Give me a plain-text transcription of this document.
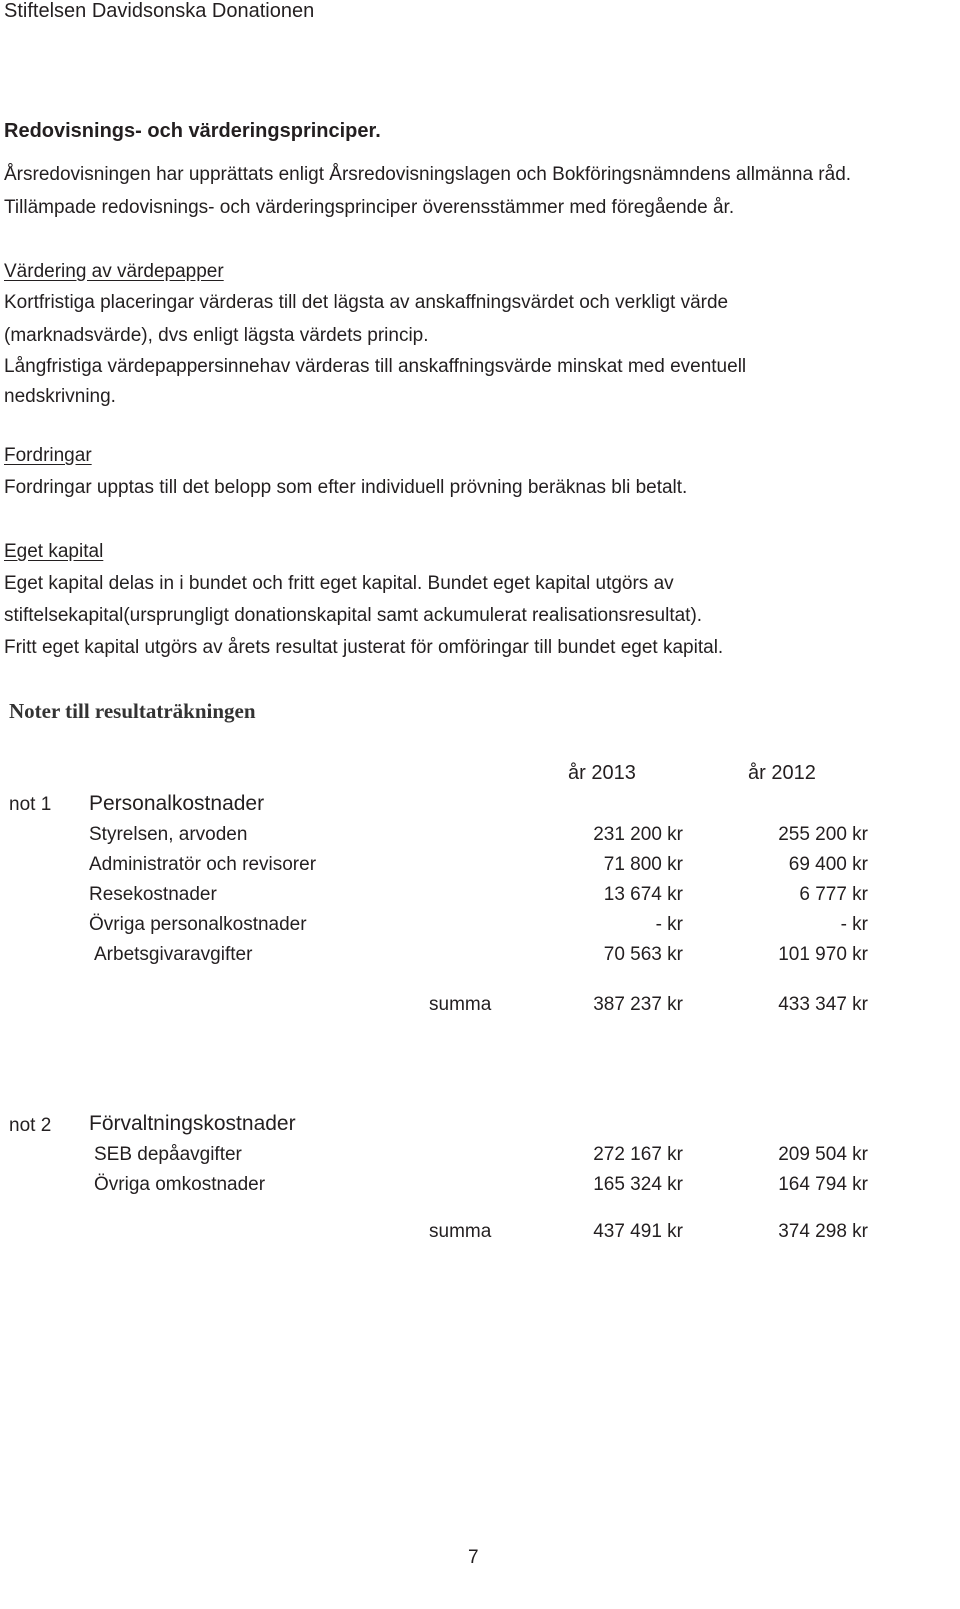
Stiftelsen Davidsonska Donationen
Redovisnings- och värderingsprinciper.
Årsredovisningen har upprättats enligt Årsredovisningslagen och Bokföringsnämndens allmänna råd.
Tillämpade redovisnings- och värderingsprinciper överensstämmer med föregående år.
Värdering av värdepapper
Kortfristiga placeringar värderas till det lägsta av anskaffningsvärdet och verkligt värde
(marknadsvärde), dvs enligt lägsta värdets princip.
Långfristiga värdepappersinnehav värderas till anskaffningsvärde minskat med eventuell
nedskrivning.
Fordringar
Fordringar upptas till det belopp som efter individuell prövning beräknas bli betalt.
Eget kapital
Eget kapital delas in i bundet och fritt eget kapital. Bundet eget kapital utgörs av
stiftelsekapital(ursprungligt donationskapital samt ackumulerat realisationsresultat).
Fritt eget kapital utgörs av årets resultat justerat för omföringar till bundet eget kapital.
Noter till resultaträkningen
år 2013	år 2012
not 1 Personalkostnader
Styrelsen, arvoden	231 200 kr	255 200 kr
Administratör och revisorer	71 800 kr	69 400 kr
Resekostnader	13 674 kr	6 777 kr
Övriga personalkostnader	- kr	- kr
Arbetsgivaravgifter	70 563 kr	101 970 kr
summa	387 237 kr	433 347 kr
not 2 Förvaltningskostnader
SEB depåavgifter	272 167 kr	209 504 kr
Övriga omkostnader	165 324 kr	164 794 kr
summa	437 491 kr	374 298 kr
7
